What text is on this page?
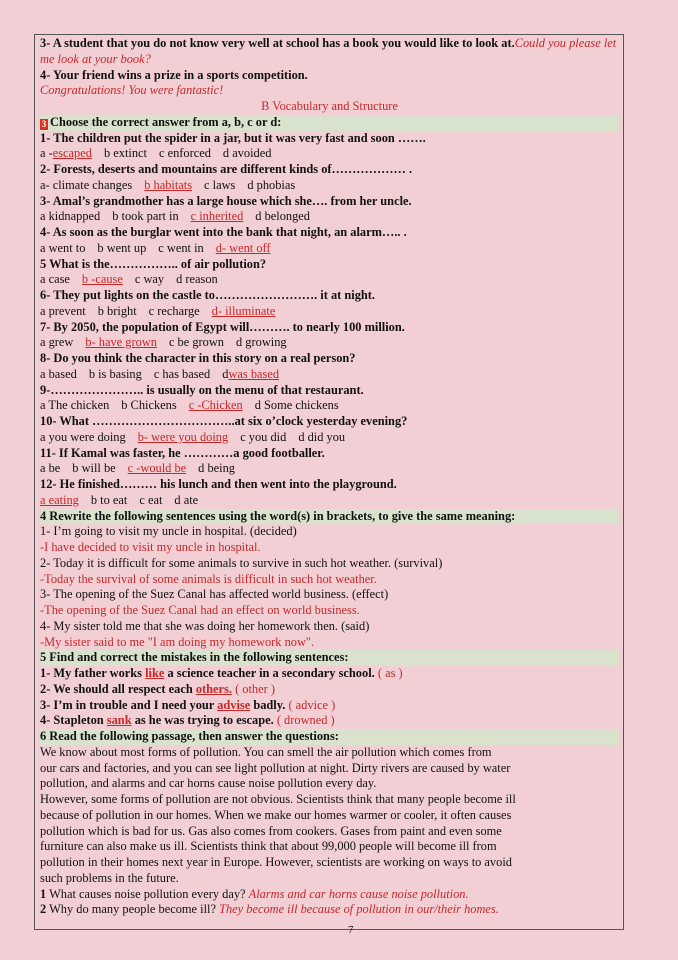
3- A student that you do not know very well at school has a book you would like to look at.Could you please let me look at your book?
4- Your friend wins a prize in a sports competition.
Congratulations! You were fantastic!
B Vocabulary and Structure
3 Choose the correct answer from a, b, c or d:
1- The children put the spider in a jar, but it was very fast and soon …….
a -escaped b extinct c enforced d avoided
2- Forests, deserts and mountains are different kinds of……………… .
a- climate changes b habitats c laws d phobias
3- Amal’s grandmother has a large house which she…. from her uncle.
a kidnapped b took part in c inherited d belonged
4- As soon as the burglar went into the bank that night, an alarm….. .
a went to b went up c went in d- went off
5 What is the…………….. of air pollution?
a case b -cause c way d reason
6- They put lights on the castle to……………………. it at night.
a prevent b bright c recharge d- illuminate
7- By 2050, the population of Egypt will………. to nearly 100 million.
a grew b- have grown c be grown d growing
8- Do you think the character in this story on a real person?
a based b is basing c has based dwas based
9-………………….. is usually on the menu of that restaurant.
a The chicken b Chickens c -Chicken d Some chickens
10- What ……………………………..at six o’clock yesterday evening?
a you were doing b- were you doing c you did d did you
11- If Kamal was faster, he …………a good footballer.
a be b will be c -would be d being
12- He finished……… his lunch and then went into the playground.
a eating b to eat c eat d ate
4 Rewrite the following sentences using the word(s) in brackets, to give the same meaning:
1- I’m going to visit my uncle in hospital. (decided)
-I have decided to visit my uncle in hospital.
2- Today it is difficult for some animals to survive in such hot weather. (survival)
-Today the survival of some animals is difficult in such hot weather.
3- The opening of the Suez Canal has affected world business. (effect)
-The opening of the Suez Canal had an effect on world business.
4- My sister told me that she was doing her homework then. (said)
-My sister said to me "I am doing my homework now".
5 Find and correct the mistakes in the following sentences:
1- My father works like a science teacher in a secondary school. ( as )
2- We should all respect each others. ( other )
3- I’m in trouble and I need your advise badly. ( advice )
4- Stapleton sank as he was trying to escape. ( drowned )
6 Read the following passage, then answer the questions:
We know about most forms of pollution. You can smell the air pollution which comes from
our cars and factories, and you can see light pollution at night. Dirty rivers are caused by water
pollution, and alarms and car horns cause noise pollution every day.
However, some forms of pollution are not obvious. Scientists think that many people become ill
because of pollution in our homes. When we make our homes warmer or cooler, it often causes
pollution which is bad for us. Gas also comes from cookers. Gases from paint and even some
furniture can also make us ill. Scientists think that about 99,000 people will become ill from
pollution in their homes next year in Europe. However, scientists are working on ways to avoid
such problems in the future.
1 What causes noise pollution every day? Alarms and car horns cause noise pollution.
2 Why do many people become ill? They become ill because of pollution in our/their homes.
7
